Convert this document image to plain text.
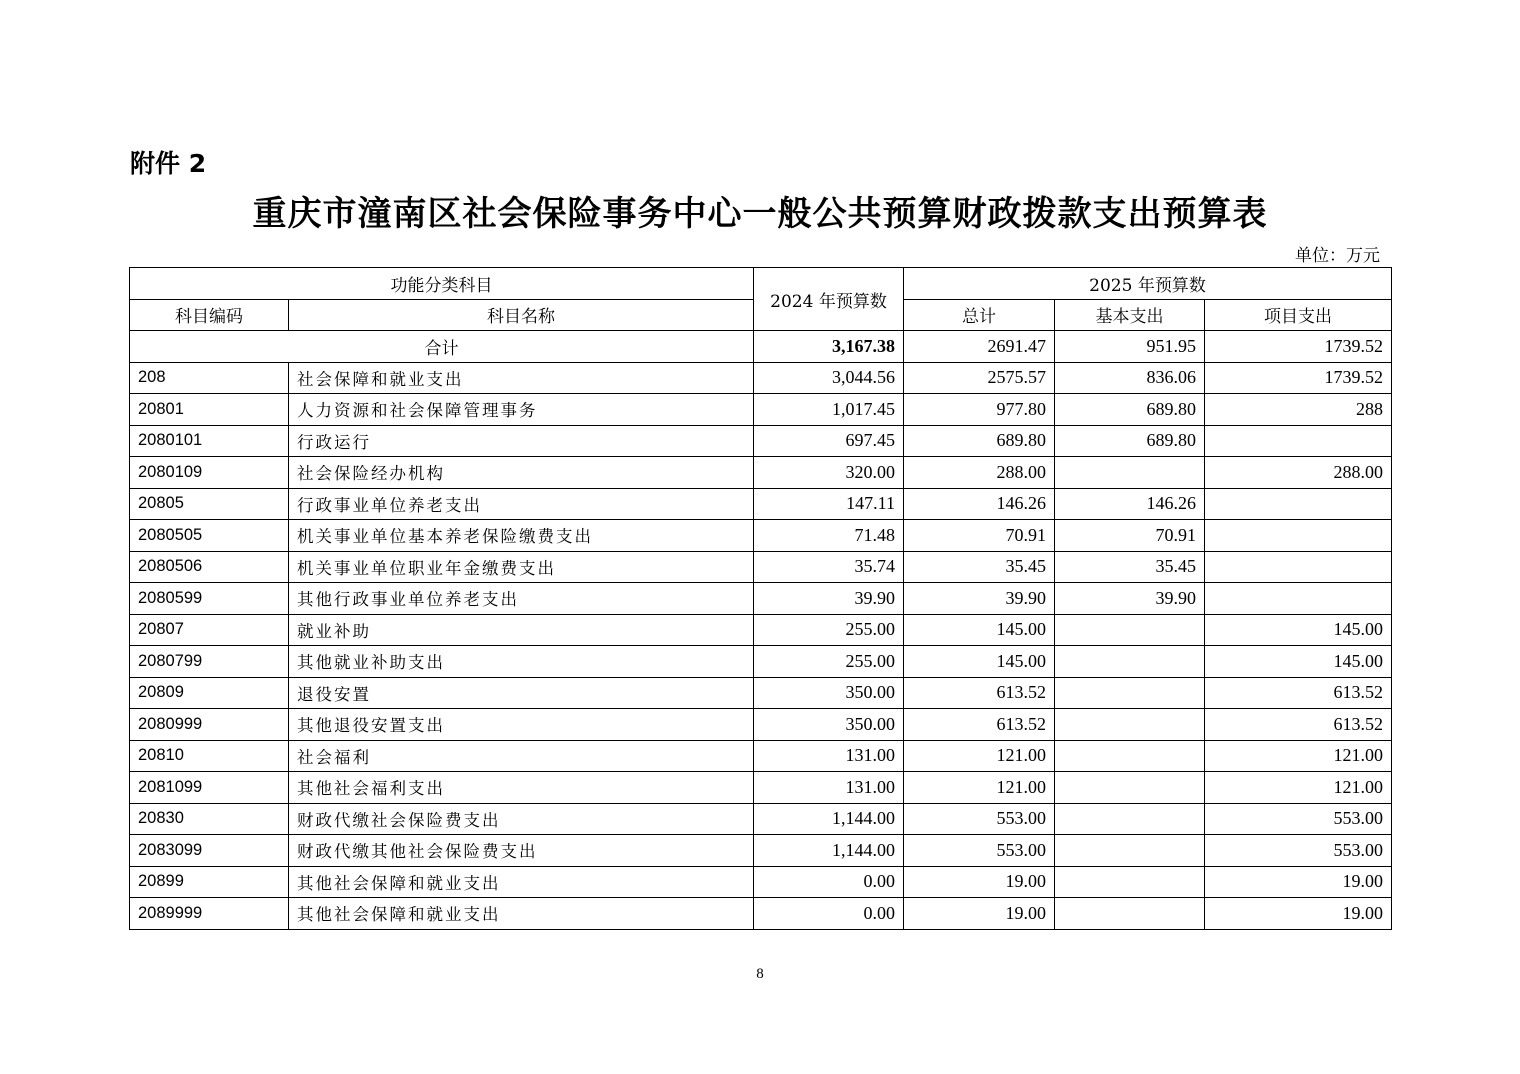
附件 2
重庆市潼南区社会保险事务中心一般公共预算财政拨款支出预算表
单位：万元
功能分类科目		2024 年预算数	2025 年预算数		
科目编码	科目名称		总计	基本支出	项目支出
合计		3,167.38	2691.47	951.95	1739.52
208	社会保障和就业支出	3,044.56	2575.57	836.06	1739.52
20801	人力资源和社会保障管理事务	1,017.45	977.80	689.80	288
2080101	行政运行	697.45	689.80	689.80	
2080109	社会保险经办机构	320.00	288.00		288.00
20805	行政事业单位养老支出	147.11	146.26	146.26	
2080505	机关事业单位基本养老保险缴费支出	71.48	70.91	70.91	
2080506	机关事业单位职业年金缴费支出	35.74	35.45	35.45	
2080599	其他行政事业单位养老支出	39.90	39.90	39.90	
20807	就业补助	255.00	145.00		145.00
2080799	其他就业补助支出	255.00	145.00		145.00
20809	退役安置	350.00	613.52		613.52
2080999	其他退役安置支出	350.00	613.52		613.52
20810	社会福利	131.00	121.00		121.00
2081099	其他社会福利支出	131.00	121.00		121.00
20830	财政代缴社会保险费支出	1,144.00	553.00		553.00
2083099	财政代缴其他社会保险费支出	1,144.00	553.00		553.00
20899	其他社会保障和就业支出	0.00	19.00		19.00
2089999	其他社会保障和就业支出	0.00	19.00		19.00
8
